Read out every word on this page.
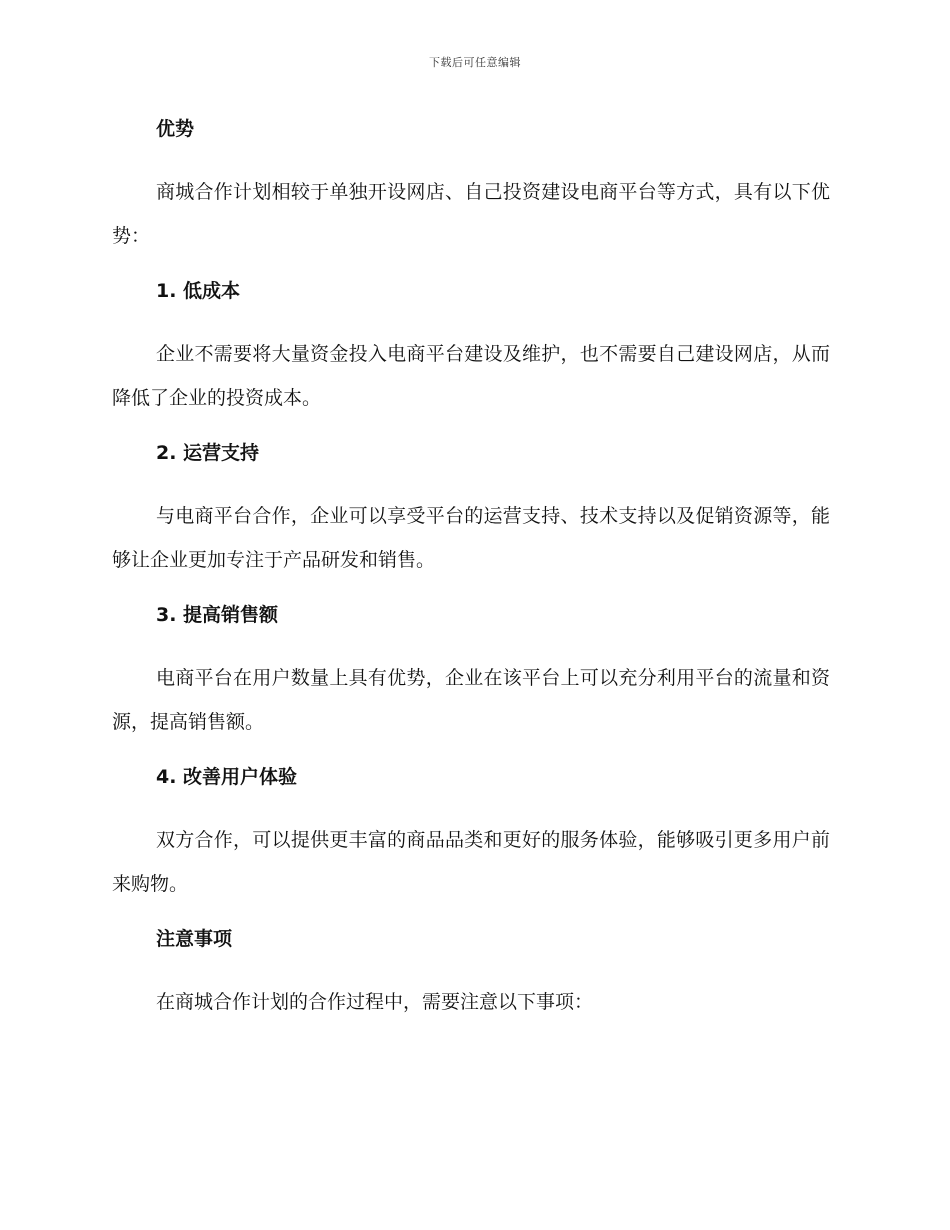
下载后可任意编辑
优势

商城合作计划相较于单独开设网店、自己投资建设电商平台等方式，具有以下优势：

1. 低成本

企业不需要将大量资金投入电商平台建设及维护，也不需要自己建设网店，从而降低了企业的投资成本。

2. 运营支持

与电商平台合作，企业可以享受平台的运营支持、技术支持以及促销资源等，能够让企业更加专注于产品研发和销售。

3. 提高销售额

电商平台在用户数量上具有优势，企业在该平台上可以充分利用平台的流量和资源，提高销售额。

4. 改善用户体验

双方合作，可以提供更丰富的商品品类和更好的服务体验，能够吸引更多用户前来购物。

注意事项

在商城合作计划的合作过程中，需要注意以下事项：
